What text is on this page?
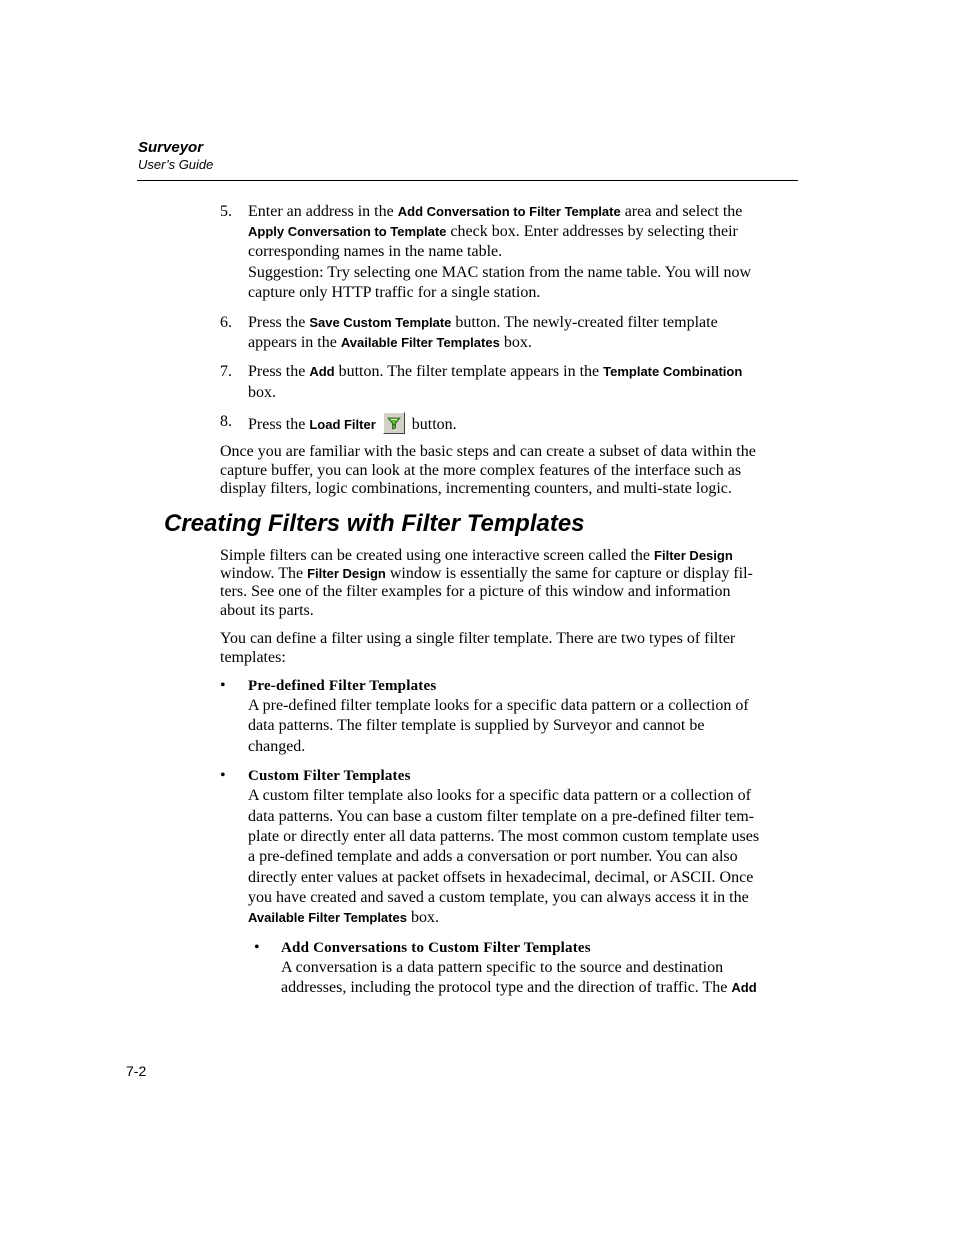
Surveyor
User’s Guide
5. Enter an address in the Add Conversation to Filter Template area and select the
Apply Conversation to Template check box. Enter addresses by selecting their
corresponding names in the name table.
Suggestion: Try selecting one MAC station from the name table. You will now
capture only HTTP traffic for a single station.
6. Press the Save Custom Template button. The newly-created filter template
appears in the Available Filter Templates box.
7. Press the Add button. The filter template appears in the Template Combination
box.
8. Press the Load Filter
button.
Once you are familiar with the basic steps and can create a subset of data within the
capture buffer, you can look at the more complex features of the interface such as
display filters, logic combinations, incrementing counters, and multi-state logic.
Creating Filters with Filter Templates
Simple filters can be created using one interactive screen called the Filter Design
window. The Filter Design window is essentially the same for capture or display fil-
ters. See one of the filter examples for a picture of this window and information
about its parts.
You can define a filter using a single filter template. There are two types of filter
templates:
• Pre-defined Filter Templates
A pre-defined filter template looks for a specific data pattern or a collection of
data patterns. The filter template is supplied by Surveyor and cannot be
changed.
• Custom Filter Templates
A custom filter template also looks for a specific data pattern or a collection of
data patterns. You can base a custom filter template on a pre-defined filter tem-
plate or directly enter all data patterns. The most common custom template uses
a pre-defined template and adds a conversation or port number. You can also
directly enter values at packet offsets in hexadecimal, decimal, or ASCII. Once
you have created and saved a custom template, you can always access it in the
Available Filter Templates box.
• Add Conversations to Custom Filter Templates
A conversation is a data pattern specific to the source and destination
addresses, including the protocol type and the direction of traffic. The Add
7-2
